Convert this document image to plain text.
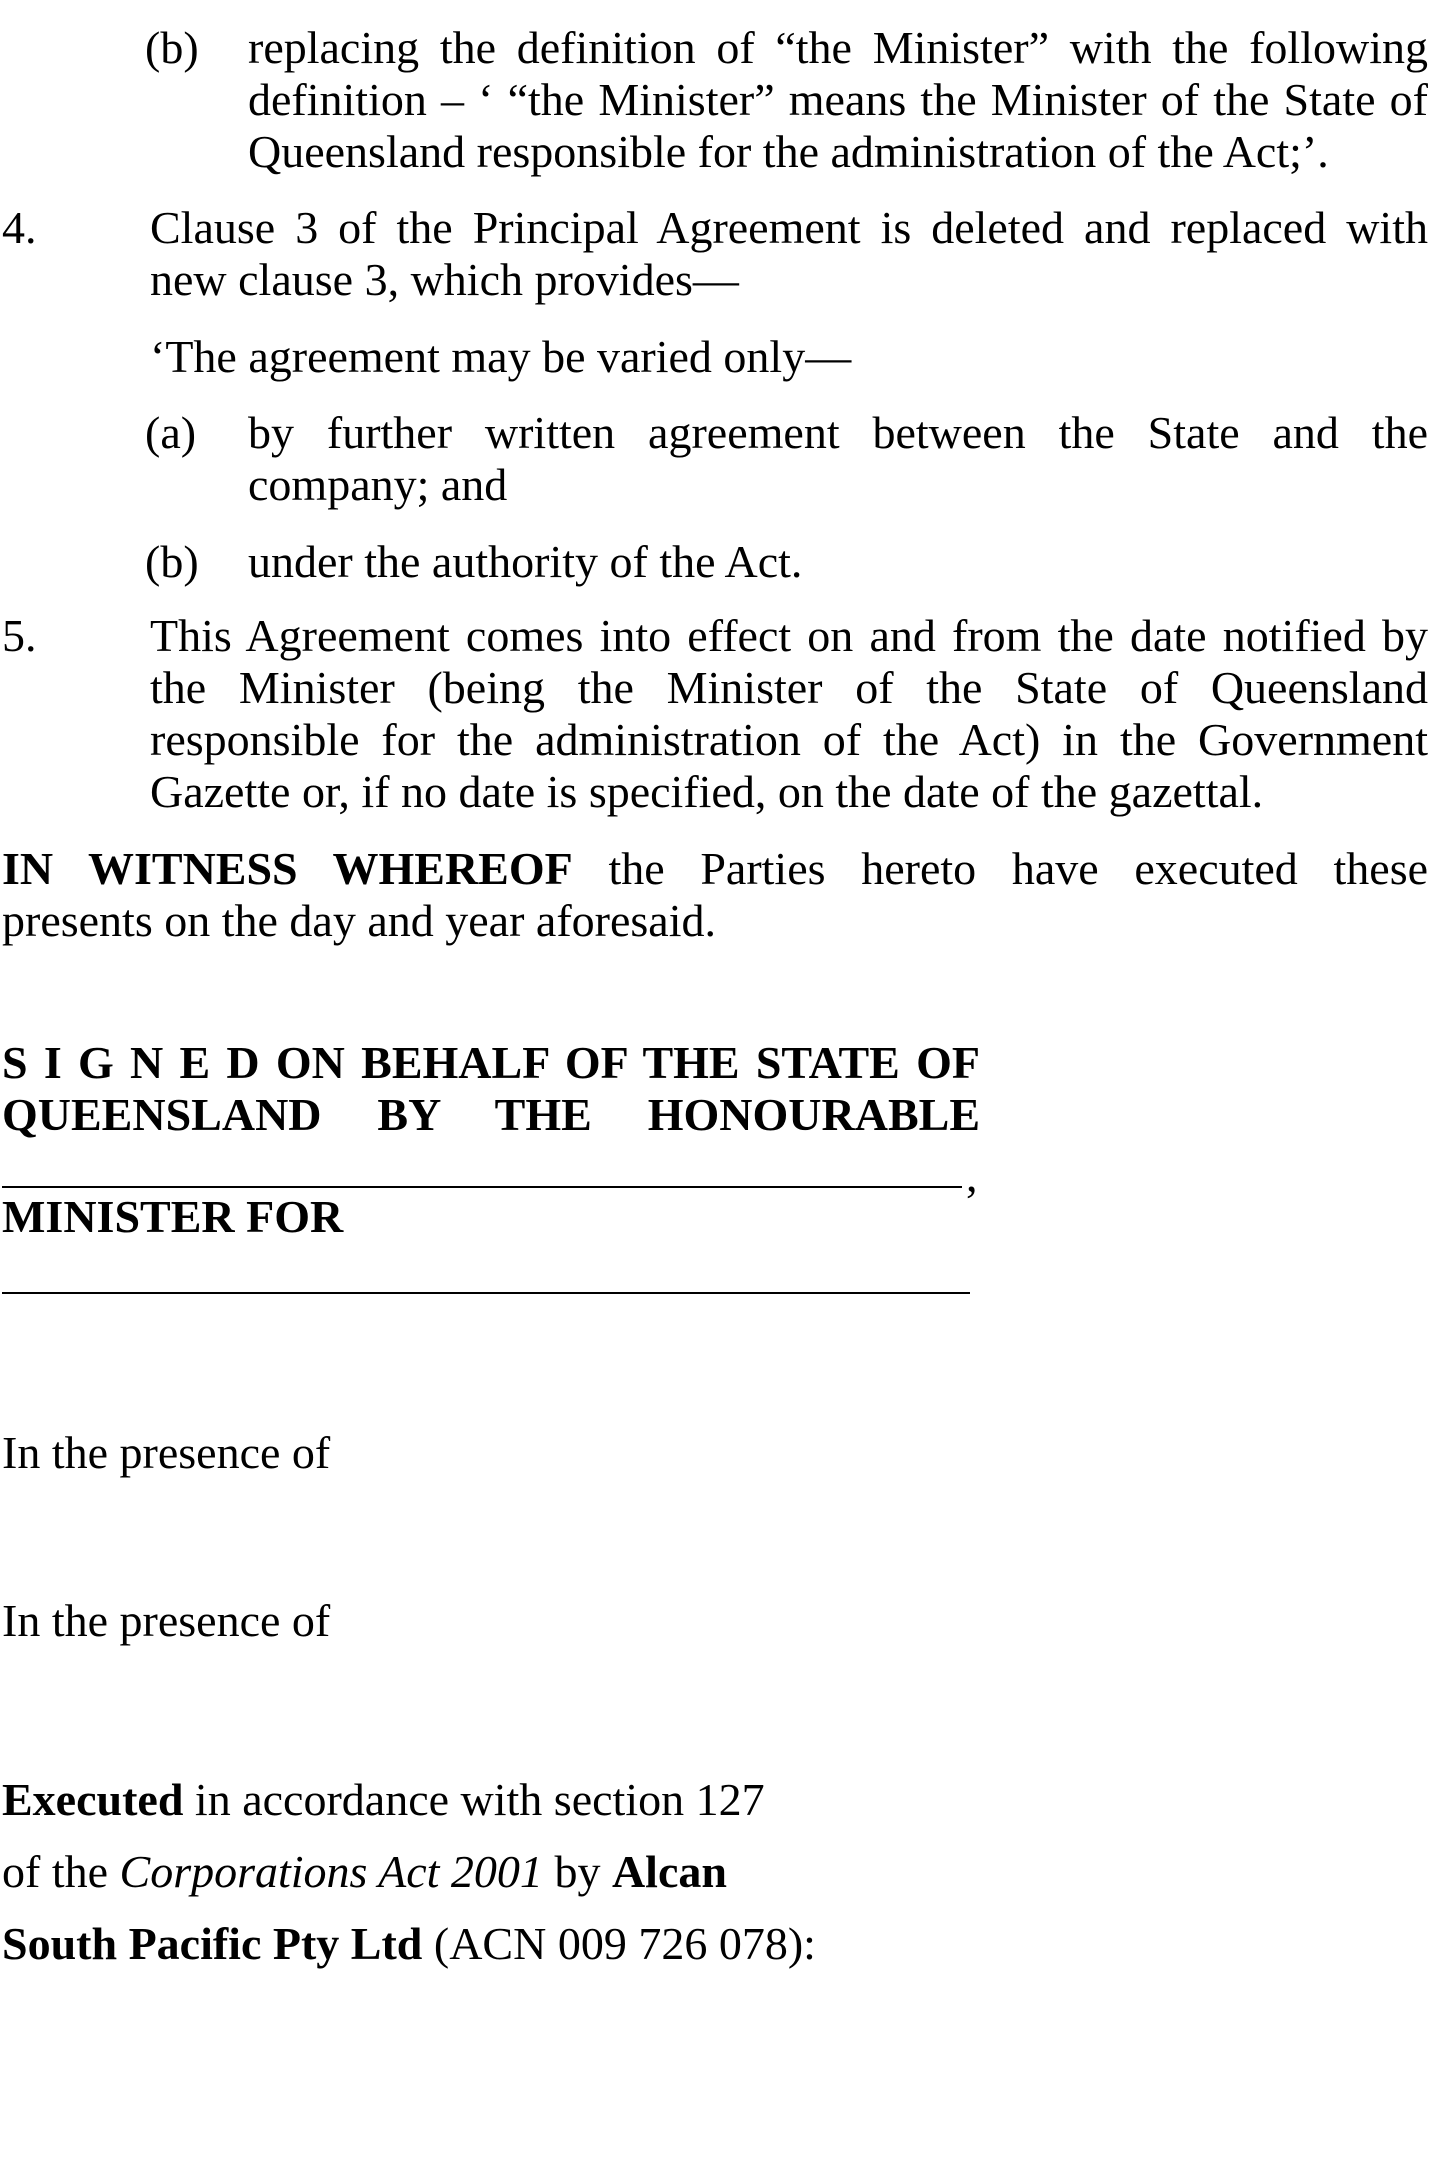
(b) replacing the definition of “the Minister” with the following
definition – ‘ “the Minister” means the Minister of the State of
Queensland responsible for the administration of the Act;’.
4. Clause 3 of the Principal Agreement is deleted and replaced with
new clause 3, which provides—
‘The agreement may be varied only—
(a) by further written agreement between the State and the
company; and
(b) under the authority of the Act.
5. This Agreement comes into effect on and from the date notified by
the Minister (being the Minister of the State of Queensland
responsible for the administration of the Act) in the Government
Gazette or, if no date is specified, on the date of the gazettal.
IN WITNESS WHEREOF the Parties hereto have executed these
presents on the day and year aforesaid.
S I G N E D ON BEHALF OF THE STATE OF
QUEENSLAND BY THE HONOURABLE
,
MINISTER FOR
In the presence of
In the presence of
Executed in accordance with section 127
of the Corporations Act 2001 by Alcan
South Pacific Pty Ltd (ACN 009 726 078):
